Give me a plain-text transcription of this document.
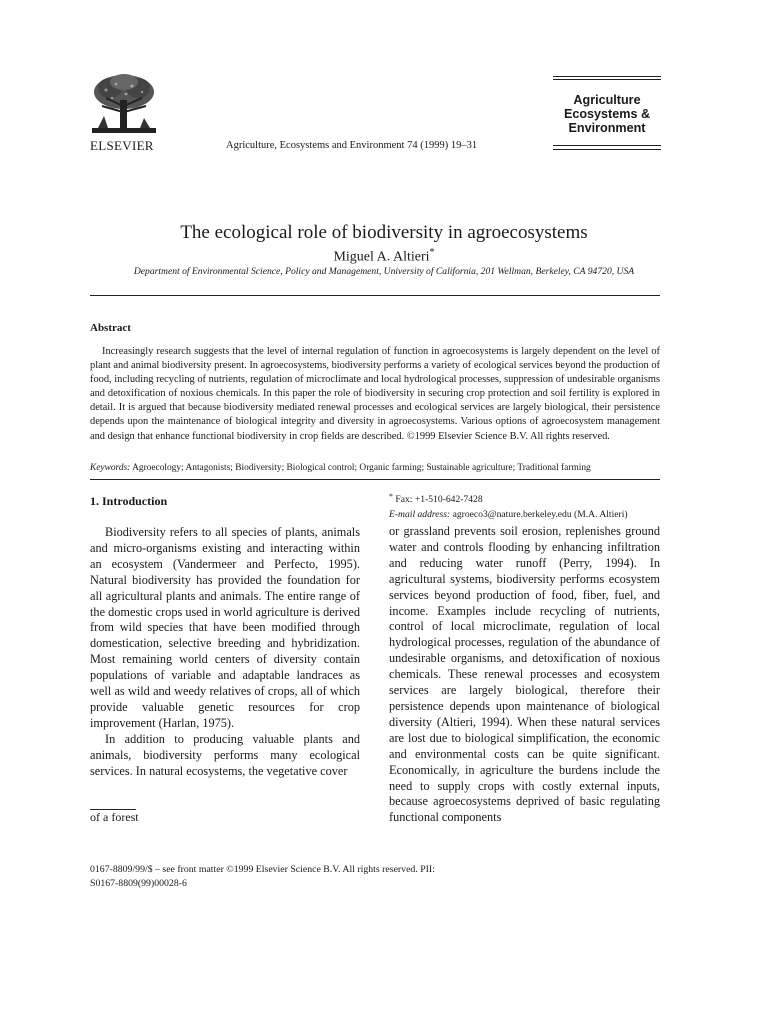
ELSEVIER	Agriculture, Ecosystems and Environment 74 (1999) 19–31
Agriculture
Ecosystems &
Environment
The ecological role of biodiversity in agroecosystems
Miguel A. Altieri*
Department of Environmental Science, Policy and Management, University of California, 201 Wellman, Berkeley, CA 94720, USA
Abstract
Increasingly research suggests that the level of internal regulation of function in agroecosystems is largely dependent on the level of plant and animal biodiversity present. In agroecosystems, biodiversity performs a variety of ecological services beyond the production of food, including recycling of nutrients, regulation of microclimate and local hydrological processes, suppression of undesirable organisms and detoxification of noxious chemicals. In this paper the role of biodiversity in securing crop protection and soil fertility is explored in detail. It is argued that because biodiversity mediated renewal processes and ecological services are largely biological, their persistence depends upon the maintenance of biological integrity and diversity in agroecosystems. Various options of agroecosystem management and design that enhance functional biodiversity in crop fields are described. ©1999 Elsevier Science B.V. All rights reserved.
Keywords: Agroecology; Antagonists; Biodiversity; Biological control; Organic farming; Sustainable agriculture; Traditional farming
1. Introduction

Biodiversity refers to all species of plants, animals and micro-organisms existing and interacting within an ecosystem (Vandermeer and Perfecto, 1995). Natural biodiversity has provided the foundation for all agricultural plants and animals. The entire range of the domestic crops used in world agriculture is derived from wild species that have been modified through domestication, selective breeding and hybridization. Most remaining world centers of diversity contain populations of variable and adaptable landraces as well as wild and weedy relatives of crops, all of which provide valuable genetic resources for crop improvement (Harlan, 1975).

In addition to producing valuable plants and animals, biodiversity performs many ecological services. In natural ecosystems, the vegetative cover

of a forest
* Fax: +1-510-642-7428
E-mail address: agroeco3@nature.berkeley.edu (M.A. Altieri)

or grassland prevents soil erosion, replenishes ground water and controls flooding by enhancing infiltration and reducing water runoff (Perry, 1994). In agricultural systems, biodiversity performs ecosystem services beyond production of food, fiber, fuel, and income. Examples include recycling of nutrients, control of local microclimate, regulation of local hydrological processes, regulation of the abundance of undesirable organisms, and detoxification of noxious chemicals. These renewal processes and ecosystem services are largely biological, therefore their persistence depends upon maintenance of biological diversity (Altieri, 1994). When these natural services are lost due to biological simplification, the economic and environmental costs can be quite significant. Economically, in agriculture the burdens include the need to supply crops with costly external inputs, because agroecosystems deprived of basic regulating functional components

0167-8809/99/$ – see front matter ©1999 Elsevier Science B.V. All rights reserved. PII:
S0167-8809(99)00028-6
